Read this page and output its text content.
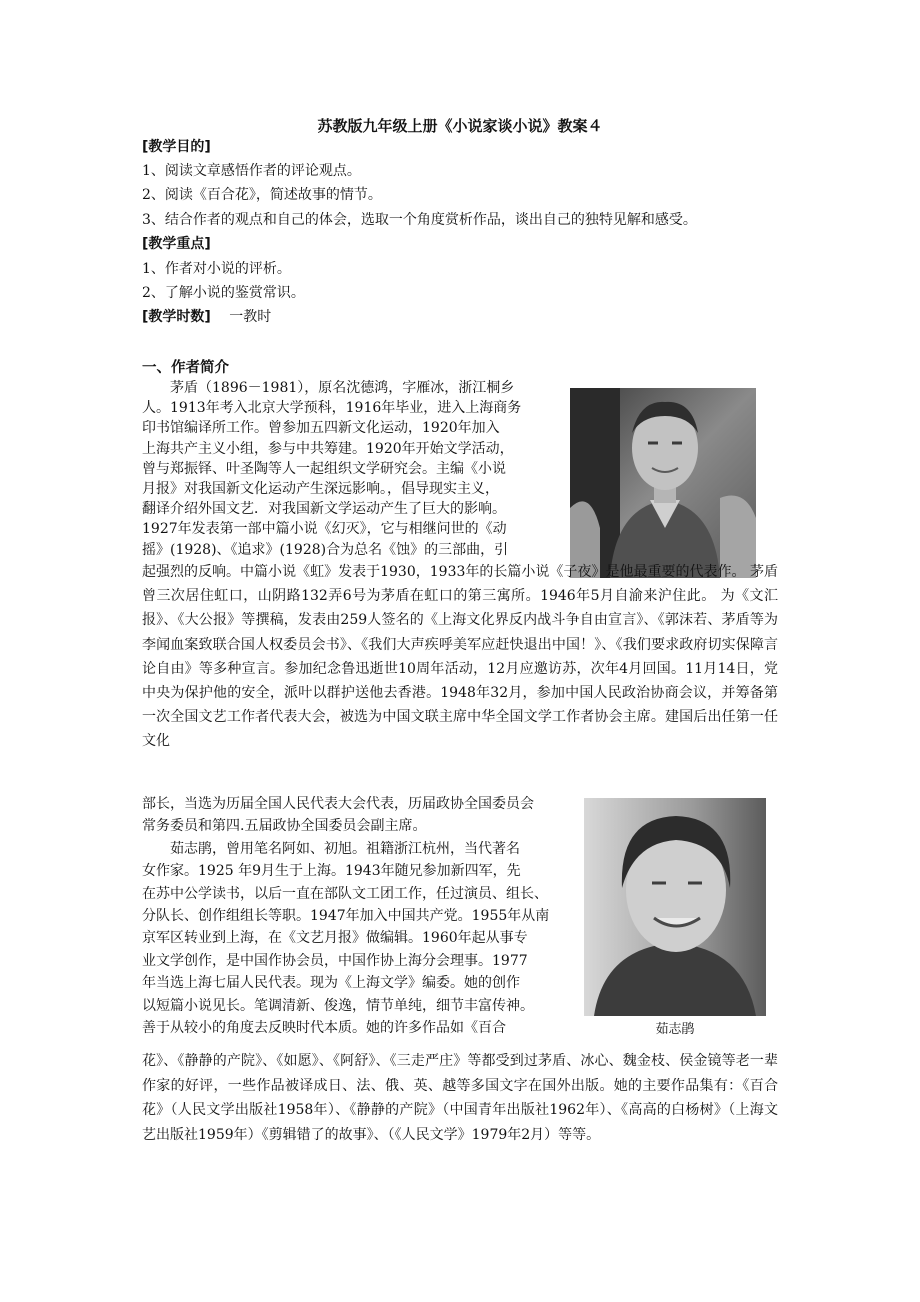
苏教版九年级上册《小说家谈小说》教案４
[教学目的]
1、阅读文章感悟作者的评论观点。
2、阅读《百合花》，简述故事的情节。
3、结合作者的观点和自己的体会，选取一个角度赏析作品，谈出自己的独特见解和感受。
[教学重点]
1、作者对小说的评析。
2、了解小说的鉴赏常识。
[教学时数] 一教时
一、作者简介

茅盾（1896－1981），原名沈德鸿，字雁冰，浙江桐乡

人。1913年考入北京大学预科，1916年毕业，进入上海商务

印书馆编译所工作。曾参加五四新文化运动，1920年加入

上海共产主义小组，参与中共筹建。1920年开始文学活动，

曾与郑振铎、叶圣陶等人一起组织文学研究会。主编《小说

月报》对我国新文化运动产生深远影响。，倡导现实主义，

翻译介绍外国文艺．对我国新文学运动产生了巨大的影响。

1927年发表第一部中篇小说《幻灭》，它与相继问世的《动

摇》(1928)、《追求》(1928)合为总名《蚀》的三部曲，引

起强烈的反响。中篇小说《虹》发表于1930，1933年的长篇小说《子夜》是他最重要的代表作。 茅盾曾三次居住虹口，山阴路132弄6号为茅盾在虹口的第三寓所。1946年5月自渝来沪住此。 为《文汇报》、《大公报》等撰稿，发表由259人签名的《上海文化界反内战斗争自由宣言》、《郭沫若、茅盾等为李闻血案致联合国人权委员会书》、《我们大声疾呼美军应赶快退出中国！》、《我们要求政府切实保障言论自由》等多种宣言。参加纪念鲁迅逝世10周年活动，12月应邀访苏，次年4月回国。11月14日，党中央为保护他的安全，派叶以群护送他去香港。1948年32月，参加中国人民政治协商会议，并筹备第一次全国文艺工作者代表大会，被选为中国文联主席中华全国文学工作者协会主席。建国后出任第一任文化

茹志鹃

部长，当选为历届全国人民代表大会代表，历届政协全国委员会

常务委员和第四.五届政协全国委员会副主席。

茹志鹃，曾用笔名阿如、初旭。祖籍浙江杭州，当代著名

女作家。1925 年9月生于上海。1943年随兄参加新四军，先

在苏中公学读书，以后一直在部队文工团工作，任过演员、组长、

分队长、创作组组长等职。1947年加入中国共产党。1955年从南

京军区转业到上海，在《文艺月报》做编辑。1960年起从事专

业文学创作，是中国作协会员，中国作协上海分会理事。1977

年当选上海七届人民代表。现为《上海文学》编委。她的创作

以短篇小说见长。笔调清新、俊逸，情节单纯，细节丰富传神。

善于从较小的角度去反映时代本质。她的许多作品如《百合

花》、《静静的产院》、《如愿》、《阿舒》、《三走严庄》等都受到过茅盾、冰心、魏金枝、侯金镜等老一辈作家的好评，一些作品被译成日、法、俄、英、越等多国文字在国外出版。她的主要作品集有：《百合花》（人民文学出版社1958年）、《静静的产院》（中国青年出版社1962年）、《高高的白杨树》（上海文艺出版社1959年）《剪辑错了的故事》、（《人民文学》1979年2月）等等。
